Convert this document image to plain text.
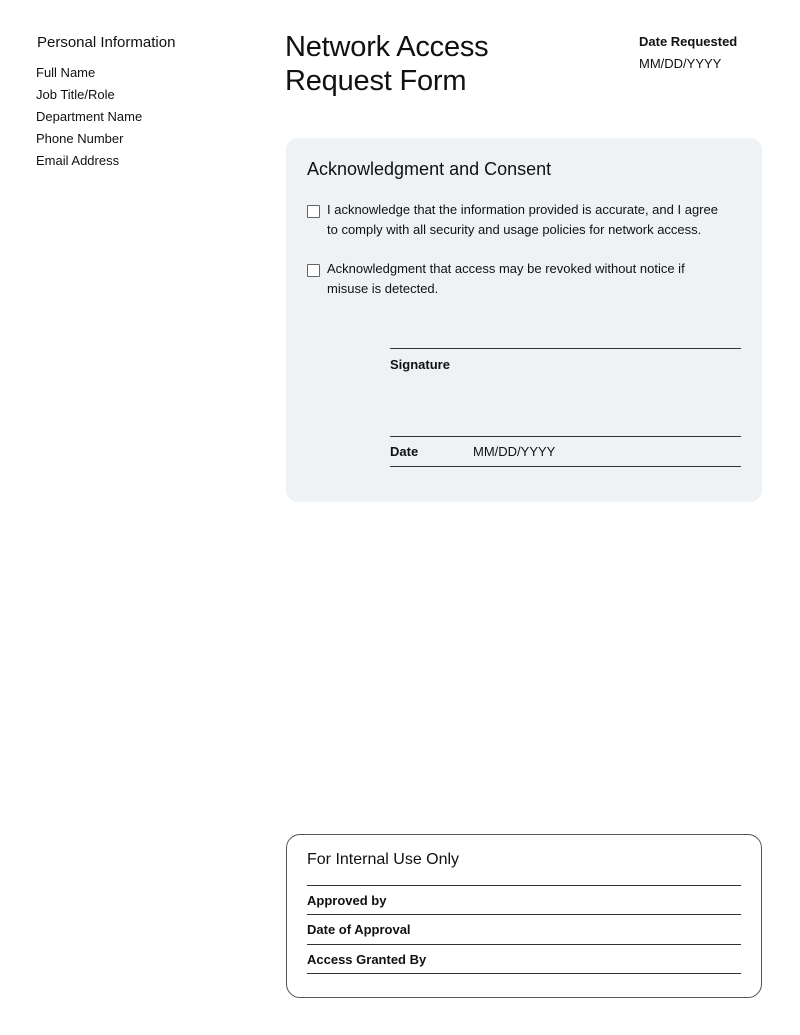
Personal Information
Full Name
Job Title/Role
Department Name
Phone Number
Email Address
Network Access
Request Form
Date Requested
MM/DD/YYYY
Acknowledgment and Consent
I acknowledge that the information provided is accurate, and I agree
to comply with all security and usage policies for network access.
Acknowledgment that access may be revoked without notice if
misuse is detected.
Signature
Date	MM/DD/YYYY
For Internal Use Only
Approved by
Date of Approval
Access Granted By
